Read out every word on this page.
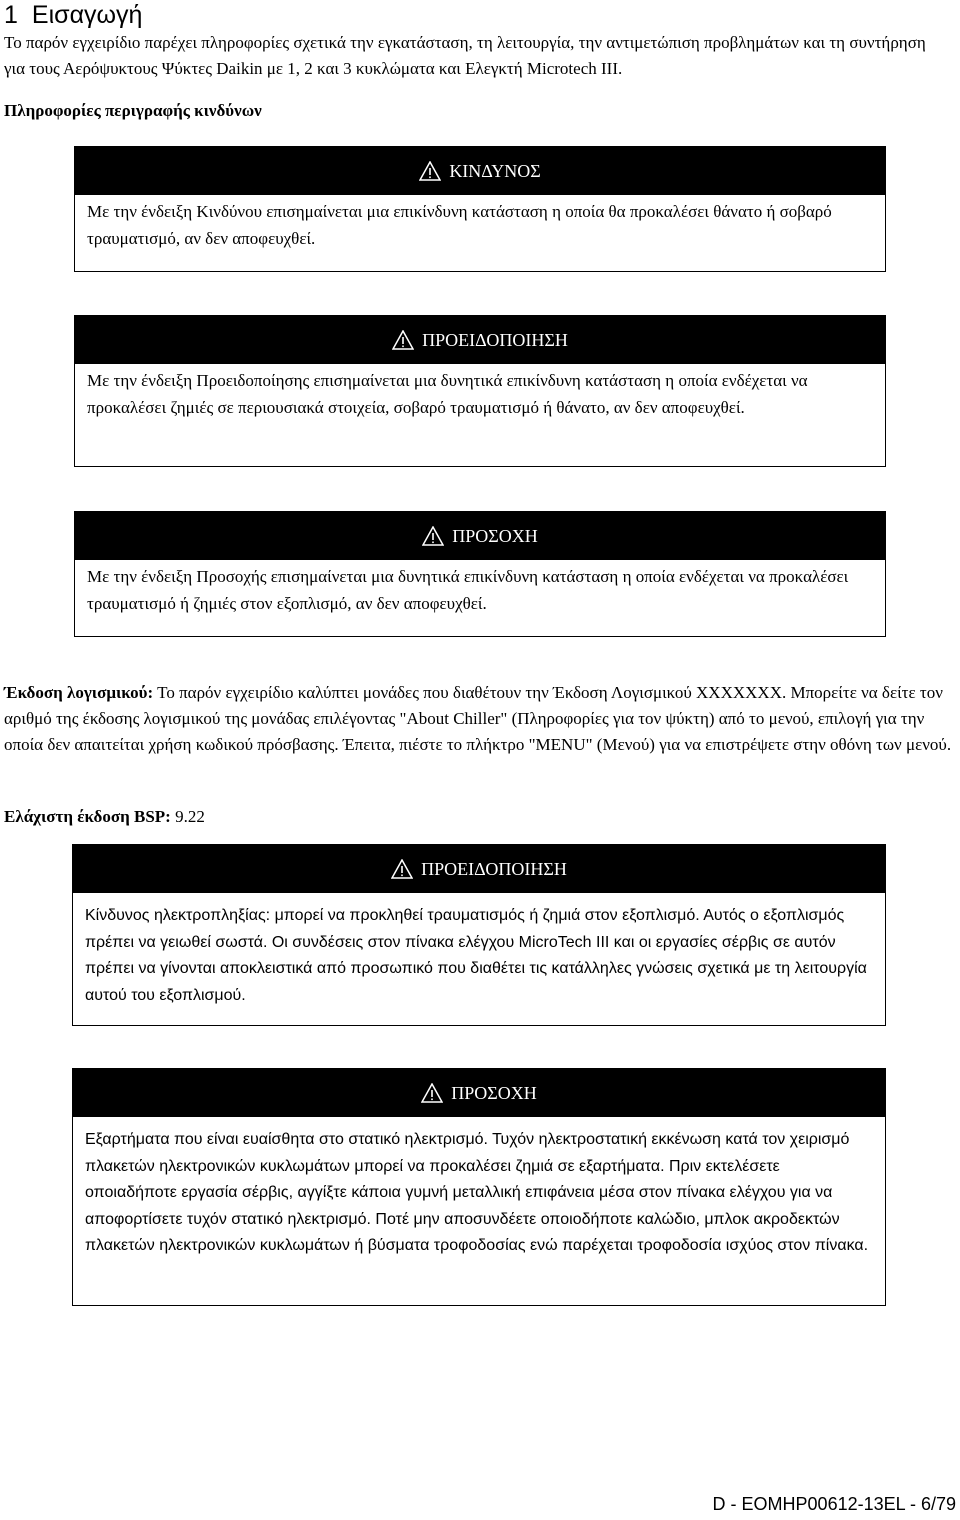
1 Εισαγωγή

Το παρόν εγχειρίδιο παρέχει πληροφορίες σχετικά την εγκατάσταση, τη λειτουργία, την αντιμετώπιση προβλημάτων και τη συντήρηση για τους Αερόψυκτους Ψύκτες Daikin με 1, 2 και 3 κυκλώματα και Ελεγκτή Microtech III.

Πληροφορίες περιγραφής κινδύνων

ΚΙΝΔΥΝΟΣ
Με την ένδειξη Κινδύνου επισημαίνεται μια επικίνδυνη κατάσταση η οποία θα προκαλέσει θάνατο ή σοβαρό τραυματισμό, αν δεν αποφευχθεί.
ΠΡΟΕΙΔΟΠΟΙΗΣΗ
Με την ένδειξη Προειδοποίησης επισημαίνεται μια δυνητικά επικίνδυνη κατάσταση η οποία ενδέχεται να προκαλέσει ζημιές σε περιουσιακά στοιχεία, σοβαρό τραυματισμό ή θάνατο, αν δεν αποφευχθεί.
ΠΡΟΣΟΧΗ
Με την ένδειξη Προσοχής επισημαίνεται μια δυνητικά επικίνδυνη κατάσταση η οποία ενδέχεται να προκαλέσει τραυματισμό ή ζημιές στον εξοπλισμό, αν δεν αποφευχθεί.

Έκδοση λογισμικού: Το παρόν εγχειρίδιο καλύπτει μονάδες που διαθέτουν την Έκδοση Λογισμικού XXXXXXX. Μπορείτε να δείτε τον αριθμό της έκδοσης λογισμικού της μονάδας επιλέγοντας "About Chiller" (Πληροφορίες για τον ψύκτη) από το μενού, επιλογή για την οποία δεν απαιτείται χρήση κωδικού πρόσβασης. Έπειτα, πιέστε το πλήκτρο "MENU" (Μενού) για να επιστρέψετε στην οθόνη των μενού.

Ελάχιστη έκδοση BSP: 9.22

ΠΡΟΕΙΔΟΠΟΙΗΣΗ
Κίνδυνος ηλεκτροπληξίας: μπορεί να προκληθεί τραυματισμός ή ζημιά στον εξοπλισμό. Αυτός ο εξοπλισμός πρέπει να γειωθεί σωστά. Οι συνδέσεις στον πίνακα ελέγχου MicroTech III και οι εργασίες σέρβις σε αυτόν πρέπει να γίνονται αποκλειστικά από προσωπικό που διαθέτει τις κατάλληλες γνώσεις σχετικά με τη λειτουργία αυτού του εξοπλισμού.
ΠΡΟΣΟΧΗ
Εξαρτήματα που είναι ευαίσθητα στο στατικό ηλεκτρισμό. Τυχόν ηλεκτροστατική εκκένωση κατά τον χειρισμό πλακετών ηλεκτρονικών κυκλωμάτων μπορεί να προκαλέσει ζημιά σε εξαρτήματα. Πριν εκτελέσετε οποιαδήποτε εργασία σέρβις, αγγίξτε κάποια γυμνή μεταλλική επιφάνεια μέσα στον πίνακα ελέγχου για να αποφορτίσετε τυχόν στατικό ηλεκτρισμό. Ποτέ μην αποσυνδέετε οποιοδήποτε καλώδιο, μπλοκ ακροδεκτών πλακετών ηλεκτρονικών κυκλωμάτων ή βύσματα τροφοδοσίας ενώ παρέχεται τροφοδοσία ισχύος στον πίνακα.
D - EOMHP00612-13EL - 6/79
